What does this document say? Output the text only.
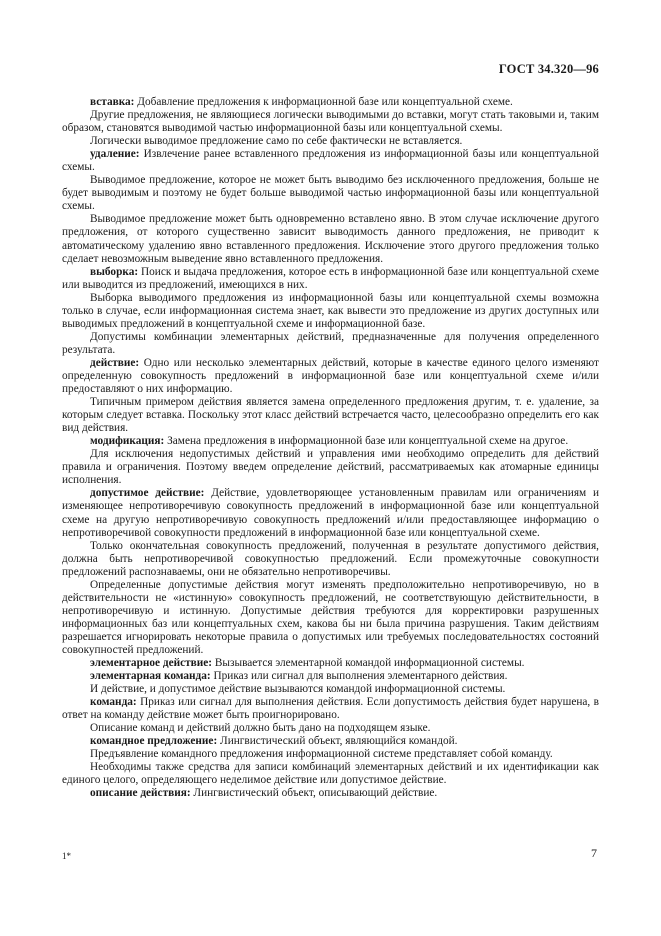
ГОСТ 34.320—96

вставка: Добавление предложения к информационной базе или концептуальной схеме.

Другие предложения, не являющиеся логически выводимыми до вставки, могут стать таковыми и, таким образом, становятся выводимой частью информационной базы или концептуальной схемы.

Логически выводимое предложение само по себе фактически не вставляется.

удаление: Извлечение ранее вставленного предложения из информационной базы или концептуальной схемы.

Выводимое предложение, которое не может быть выводимо без исключенного предложения, больше не будет выводимым и поэтому не будет больше выводимой частью информационной базы или концептуальной схемы.

Выводимое предложение может быть одновременно вставлено явно. В этом случае исключение другого предложения, от которого существенно зависит выводимость данного предложения, не приводит к автоматическому удалению явно вставленного предложения. Исключение этого другого предложения только сделает невозможным выведение явно вставленного предложения.

выборка: Поиск и выдача предложения, которое есть в информационной базе или концептуальной схеме или выводится из предложений, имеющихся в них.

Выборка выводимого предложения из информационной базы или концептуальной схемы возможна только в случае, если информационная система знает, как вывести это предложение из других доступных или выводимых предложений в концептуальной схеме и информационной базе.

Допустимы комбинации элементарных действий, предназначенные для получения определенного результата.

действие: Одно или несколько элементарных действий, которые в качестве единого целого изменяют определенную совокупность предложений в информационной базе или концептуальной схеме и/или предоставляют о них информацию.

Типичным примером действия является замена определенного предложения другим, т. е. удаление, за которым следует вставка. Поскольку этот класс действий встречается часто, целесообразно определить его как вид действия.

модификация: Замена предложения в информационной базе или концептуальной схеме на другое.

Для исключения недопустимых действий и управления ими необходимо определить для действий правила и ограничения. Поэтому введем определение действий, рассматриваемых как атомарные единицы исполнения.

допустимое действие: Действие, удовлетворяющее установленным правилам или ограничениям и изменяющее непротиворечивую совокупность предложений в информационной базе или концептуальной схеме на другую непротиворечивую совокупность предложений и/или предоставляющее информацию о непротиворечивой совокупности предложений в информационной базе или концептуальной схеме.

Только окончательная совокупность предложений, полученная в результате допустимого действия, должна быть непротиворечивой совокупностью предложений. Если промежуточные совокупности предложений распознаваемы, они не обязательно непротиворечивы.

Определенные допустимые действия могут изменять предположительно непротиворечивую, но в действительности не «истинную» совокупность предложений, не соответствующую действительности, в непротиворечивую и истинную. Допустимые действия требуются для корректировки разрушенных информационных баз или концептуальных схем, какова бы ни была причина разрушения. Таким действиям разрешается игнорировать некоторые правила о допустимых или требуемых последовательностях состояний совокупностей предложений.

элементарное действие: Вызывается элементарной командой информационной системы.

элементарная команда: Приказ или сигнал для выполнения элементарного действия.

И действие, и допустимое действие вызываются командой информационной системы.

команда: Приказ или сигнал для выполнения действия. Если допустимость действия будет нарушена, в ответ на команду действие может быть проигнорировано.

Описание команд и действий должно быть дано на подходящем языке.

командное предложение: Лингвистический объект, являющийся командой.

Предъявление командного предложения информационной системе представляет собой команду.

Необходимы также средства для записи комбинаций элементарных действий и их идентификации как единого целого, определяющего неделимое действие или допустимое действие.

описание действия: Лингвистический объект, описывающий действие.

1*	7
